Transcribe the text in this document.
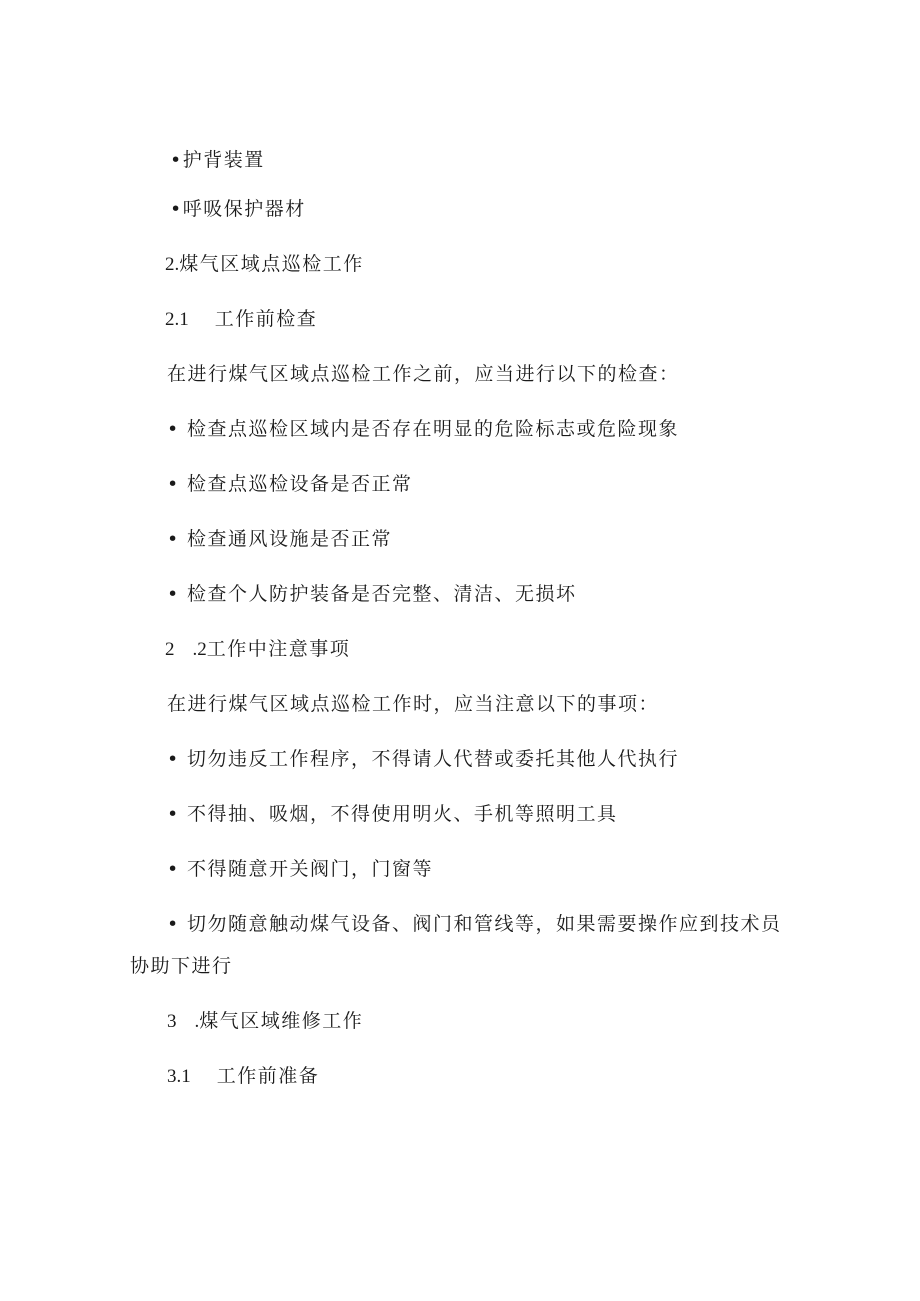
•护背装置
•呼吸保护器材
2.煤气区域点巡检工作
2.1 工作前检查
在进行煤气区域点巡检工作之前，应当进行以下的检查：
• 检查点巡检区域内是否存在明显的危险标志或危险现象
• 检查点巡检设备是否正常
• 检查通风设施是否正常
• 检查个人防护装备是否完整、清洁、无损坏
2 .2工作中注意事项
在进行煤气区域点巡检工作时，应当注意以下的事项：
• 切勿违反工作程序，不得请人代替或委托其他人代执行
• 不得抽、吸烟，不得使用明火、手机等照明工具
• 不得随意开关阀门，门窗等
• 切勿随意触动煤气设备、阀门和管线等，如果需要操作应到技术员
协助下进行
3 .煤气区域维修工作
3.1 工作前准备
